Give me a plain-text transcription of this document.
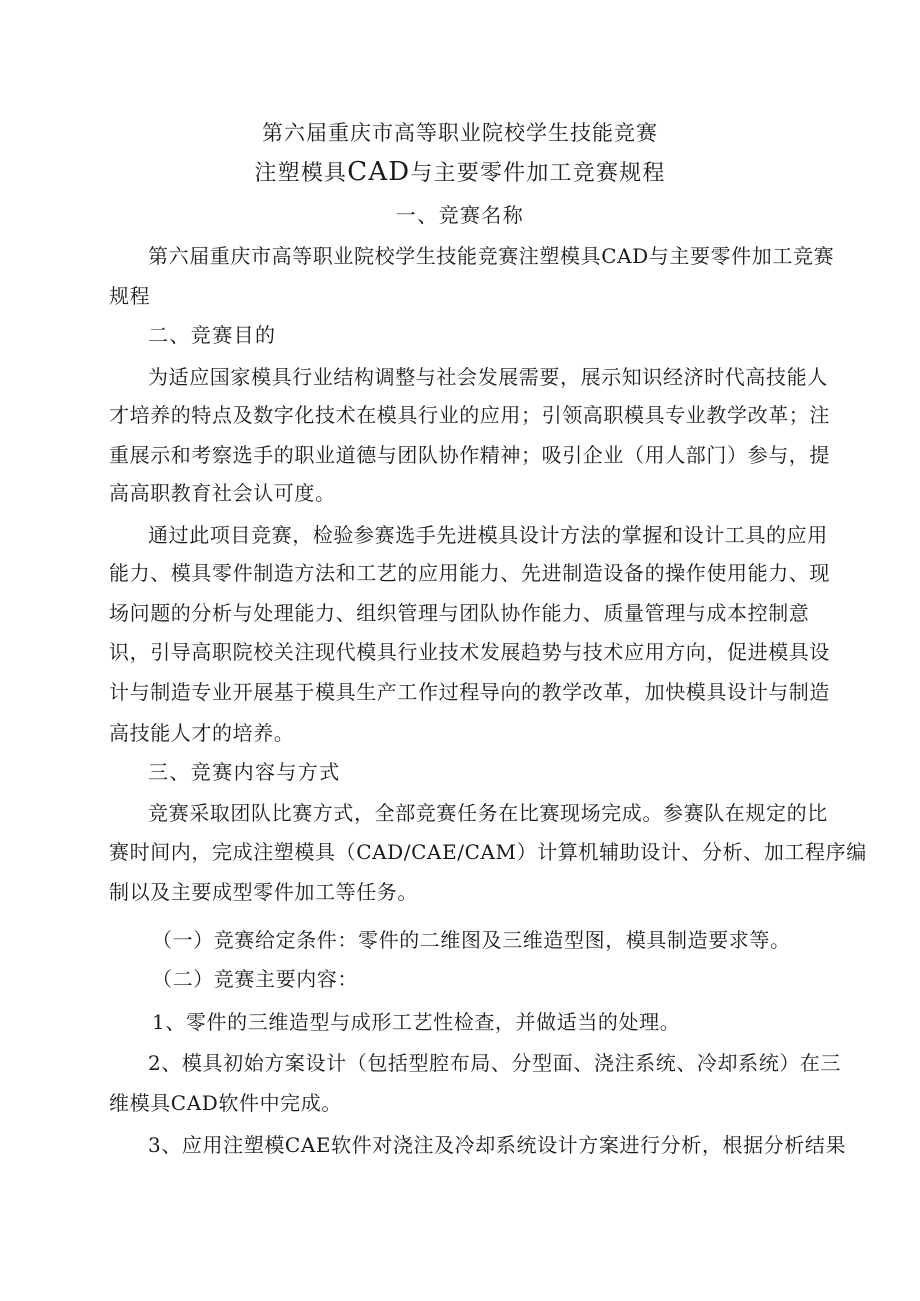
第六届重庆市高等职业院校学生技能竞赛
注塑模具CAD与主要零件加工竞赛规程
一、竞赛名称
第六届重庆市高等职业院校学生技能竞赛注塑模具CAD与主要零件加工竞赛
规程
二、竞赛目的
为适应国家模具行业结构调整与社会发展需要，展示知识经济时代高技能人
才培养的特点及数字化技术在模具行业的应用；引领高职模具专业教学改革；注
重展示和考察选手的职业道德与团队协作精神；吸引企业（用人部门）参与，提
高高职教育社会认可度。
通过此项目竞赛，检验参赛选手先进模具设计方法的掌握和设计工具的应用
能力、模具零件制造方法和工艺的应用能力、先进制造设备的操作使用能力、现
场问题的分析与处理能力、组织管理与团队协作能力、质量管理与成本控制意
识，引导高职院校关注现代模具行业技术发展趋势与技术应用方向，促进模具设
计与制造专业开展基于模具生产工作过程导向的教学改革，加快模具设计与制造
高技能人才的培养。
三、竞赛内容与方式
竞赛采取团队比赛方式，全部竞赛任务在比赛现场完成。参赛队在规定的比
赛时间内，完成注塑模具（CAD/CAE/CAM）计算机辅助设计、分析、加工程序编
制以及主要成型零件加工等任务。
（一）竞赛给定条件：零件的二维图及三维造型图，模具制造要求等。
（二）竞赛主要内容：
1、零件的三维造型与成形工艺性检查，并做适当的处理。
2、模具初始方案设计（包括型腔布局、分型面、浇注系统、冷却系统）在三
维模具CAD软件中完成。
3、应用注塑模CAE软件对浇注及冷却系统设计方案进行分析，根据分析结果
